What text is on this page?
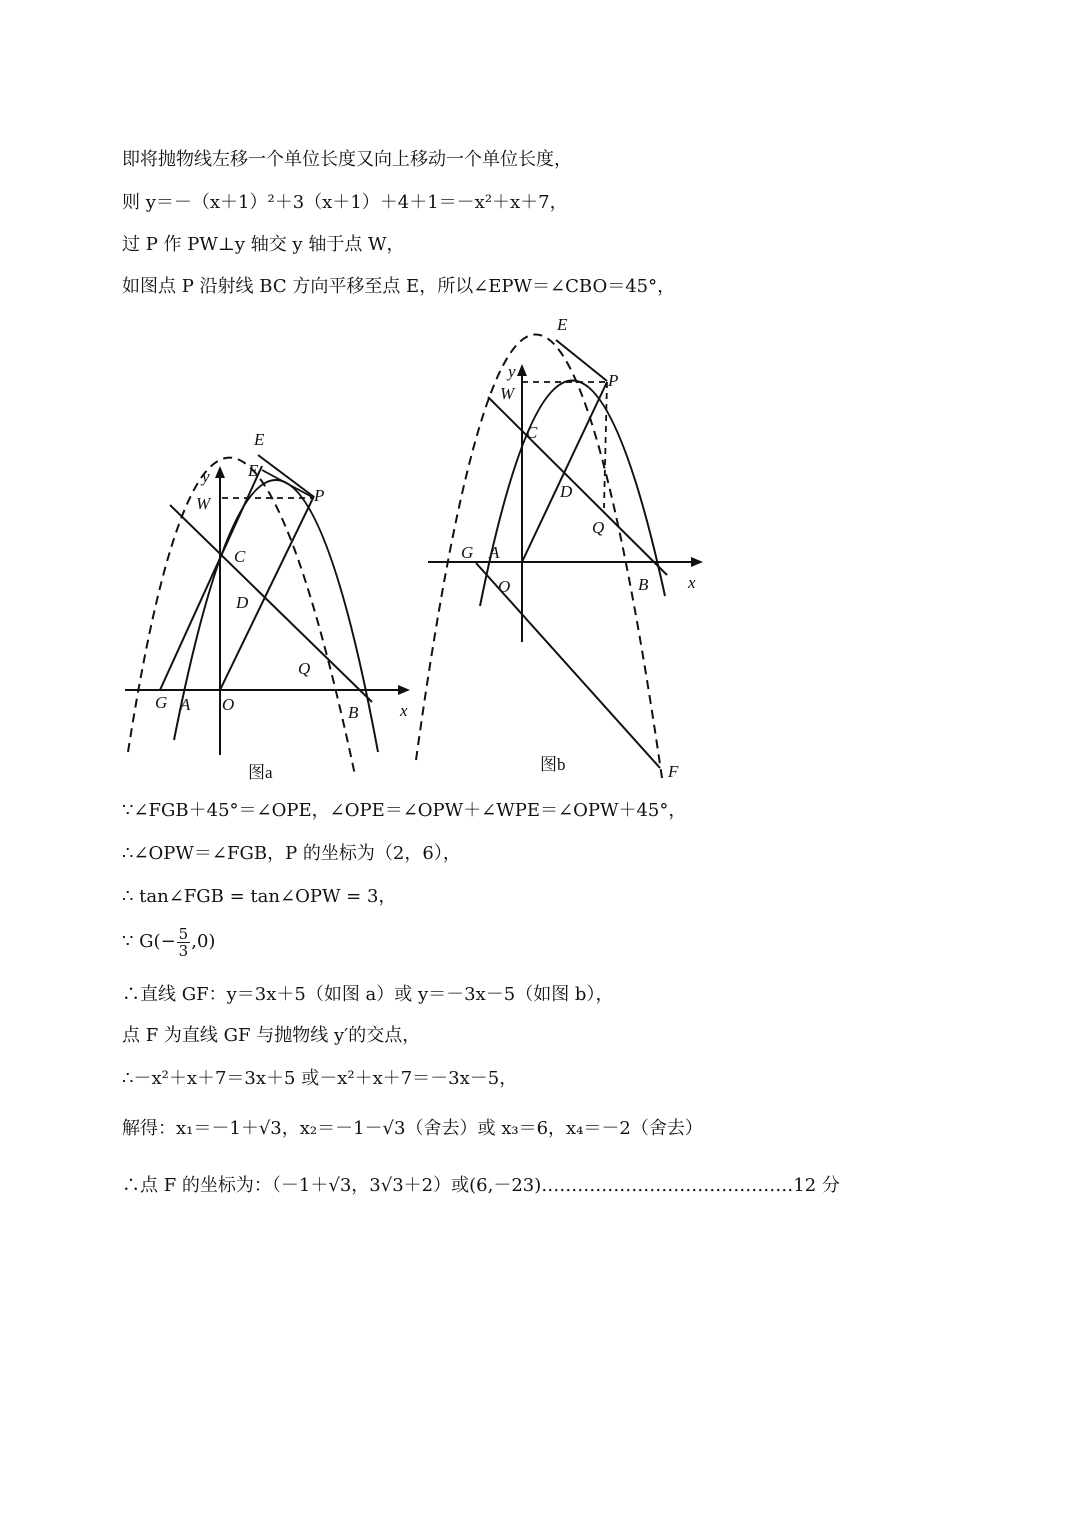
即将抛物线左移一个单位长度又向上移动一个单位长度，
则 y＝－（x＋1）²＋3（x＋1）＋4＋1＝－x²＋x＋7，
过 P 作 PW⊥y 轴交 y 轴于点 W，
如图点 P 沿射线 BC 方向平移至点 E，所以∠EPW＝∠CBO＝45°，
E
E
y
W	P
C
D
Q
G A O	B x
图a
E
y
W
P
C
D
Q
G A
O	B x
F
图b
∵∠FGB＋45°＝∠OPE，∠OPE＝∠OPW＋∠WPE＝∠OPW＋45°，
∴∠OPW＝∠FGB，P 的坐标为（2，6），
∴ tan∠FGB = tan∠OPW = 3，
∵ $G(- \frac{5}{3} ,0)$
∴直线 GF：y＝3x＋5（如图 a）或 y＝－3x－5（如图 b），
点 F 为直线 GF 与抛物线 y′的交点，
∴－x²＋x＋7＝3x＋5 或－x²＋x＋7＝－3x－5，
解得：x₁＝－1＋√3，x₂＝－1－√3（舍去）或 x₃＝6，x₄＝－2（舍去）
∴点 F 的坐标为：（－1＋√3，3√3＋2）或(6,－23)……………………………………12 分
